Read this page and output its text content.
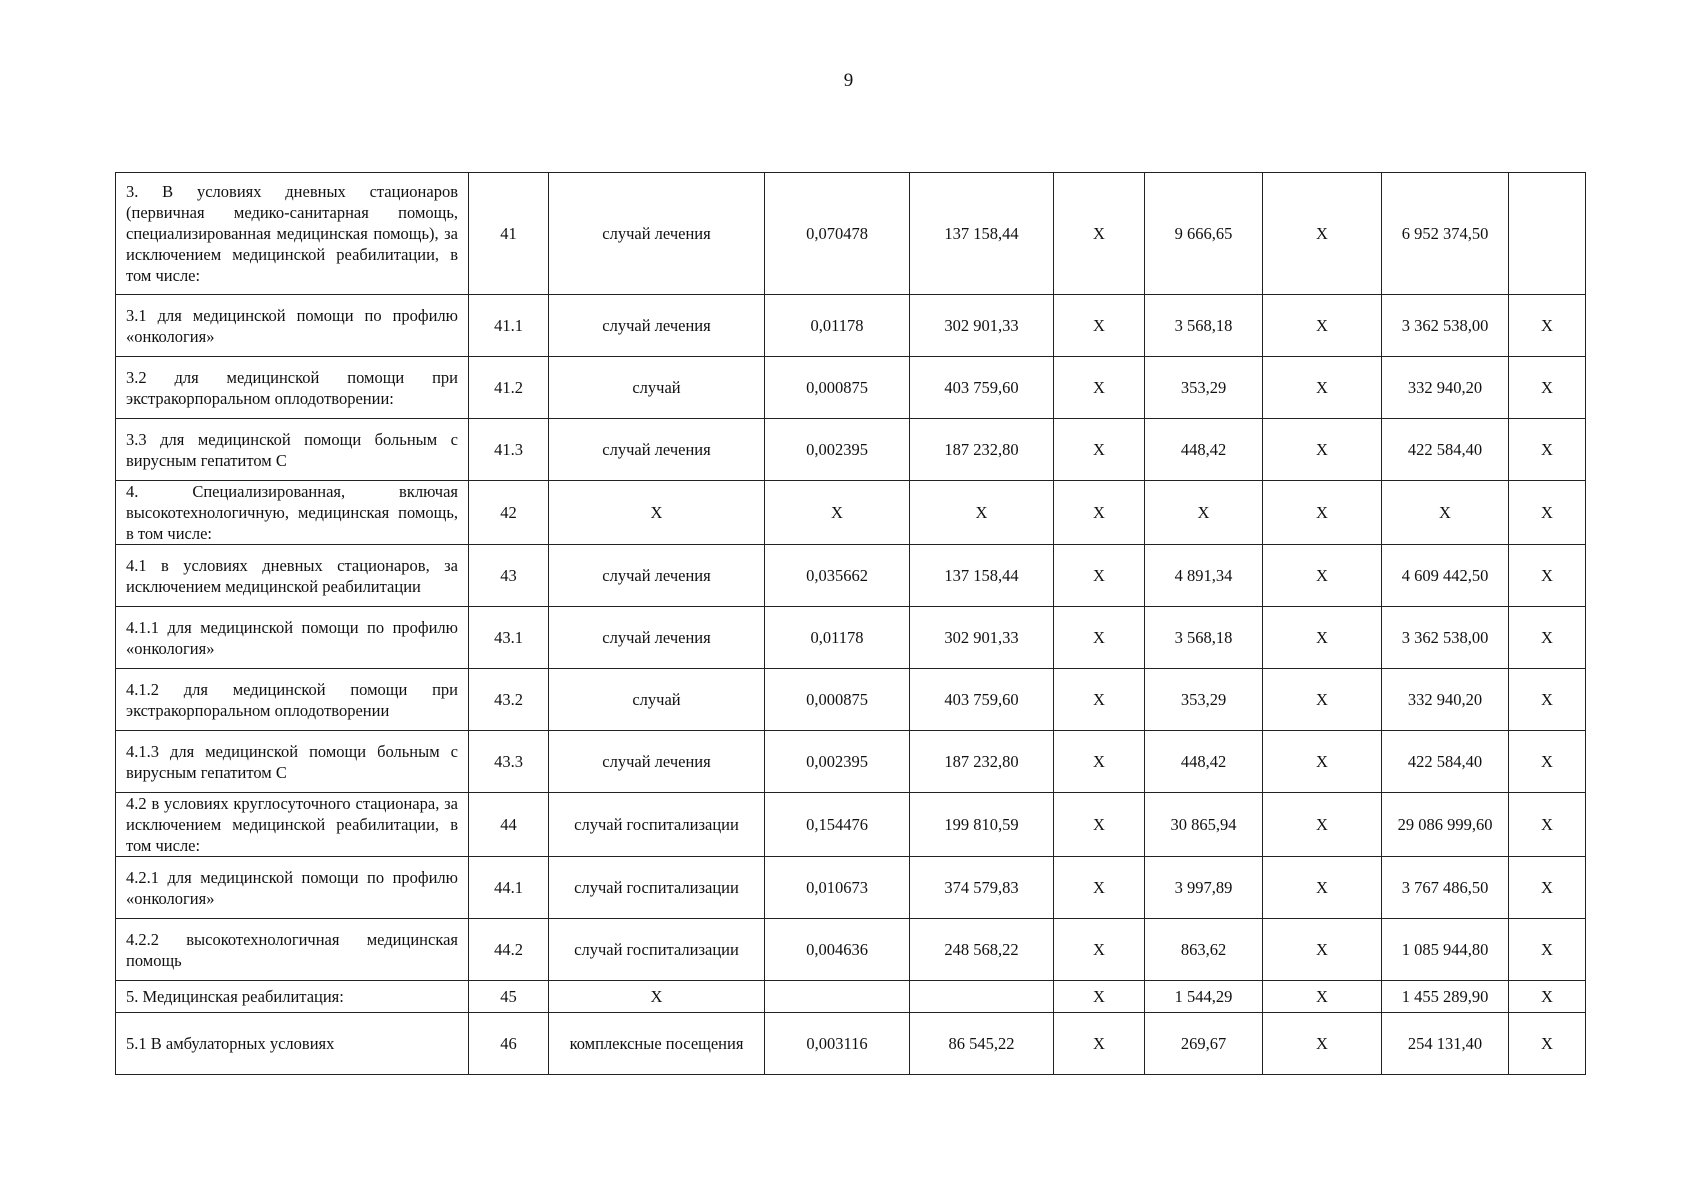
9
3. В условиях дневных стационаров (первичная медико-санитарная помощь, специализированная медицинская помощь), за исключением медицинской реабилитации, в том числе:	41	случай лечения	0,070478	137 158,44	Х	9 666,65	Х	6 952 374,50	
3.1 для медицинской помощи по профилю «онкология»	41.1	случай лечения	0,01178	302 901,33	Х	3 568,18	Х	3 362 538,00	Х
3.2 для медицинской помощи при экстракорпоральном оплодотворении:	41.2	случай	0,000875	403 759,60	Х	353,29	Х	332 940,20	Х
3.3 для медицинской помощи больным с вирусным гепатитом С	41.3	случай лечения	0,002395	187 232,80	Х	448,42	Х	422 584,40	Х
4. Специализированная, включая высокотехнологичную, медицинская помощь, в том числе:	42	Х	Х	Х	Х	Х	Х	Х	Х
4.1 в условиях дневных стационаров, за исключением медицинской реабилитации	43	случай лечения	0,035662	137 158,44	Х	4 891,34	Х	4 609 442,50	Х
4.1.1 для медицинской помощи по профилю «онкология»	43.1	случай лечения	0,01178	302 901,33	Х	3 568,18	Х	3 362 538,00	Х
4.1.2 для медицинской помощи при экстракорпоральном оплодотворении	43.2	случай	0,000875	403 759,60	Х	353,29	Х	332 940,20	Х
4.1.3 для медицинской помощи больным с вирусным гепатитом С	43.3	случай лечения	0,002395	187 232,80	Х	448,42	Х	422 584,40	Х
4.2 в условиях круглосуточного стационара, за исключением медицинской реабилитации, в том числе:	44	случай госпитализации	0,154476	199 810,59	Х	30 865,94	Х	29 086 999,60	Х
4.2.1 для медицинской помощи по профилю «онкология»	44.1	случай госпитализации	0,010673	374 579,83	Х	3 997,89	Х	3 767 486,50	Х
4.2.2 высокотехнологичная медицинская помощь	44.2	случай госпитализации	0,004636	248 568,22	Х	863,62	Х	1 085 944,80	Х
5. Медицинская реабилитация:	45	Х			Х	1 544,29	Х	1 455 289,90	Х
5.1 В амбулаторных условиях	46	комплексные посещения	0,003116	86 545,22	Х	269,67	Х	254 131,40	Х
